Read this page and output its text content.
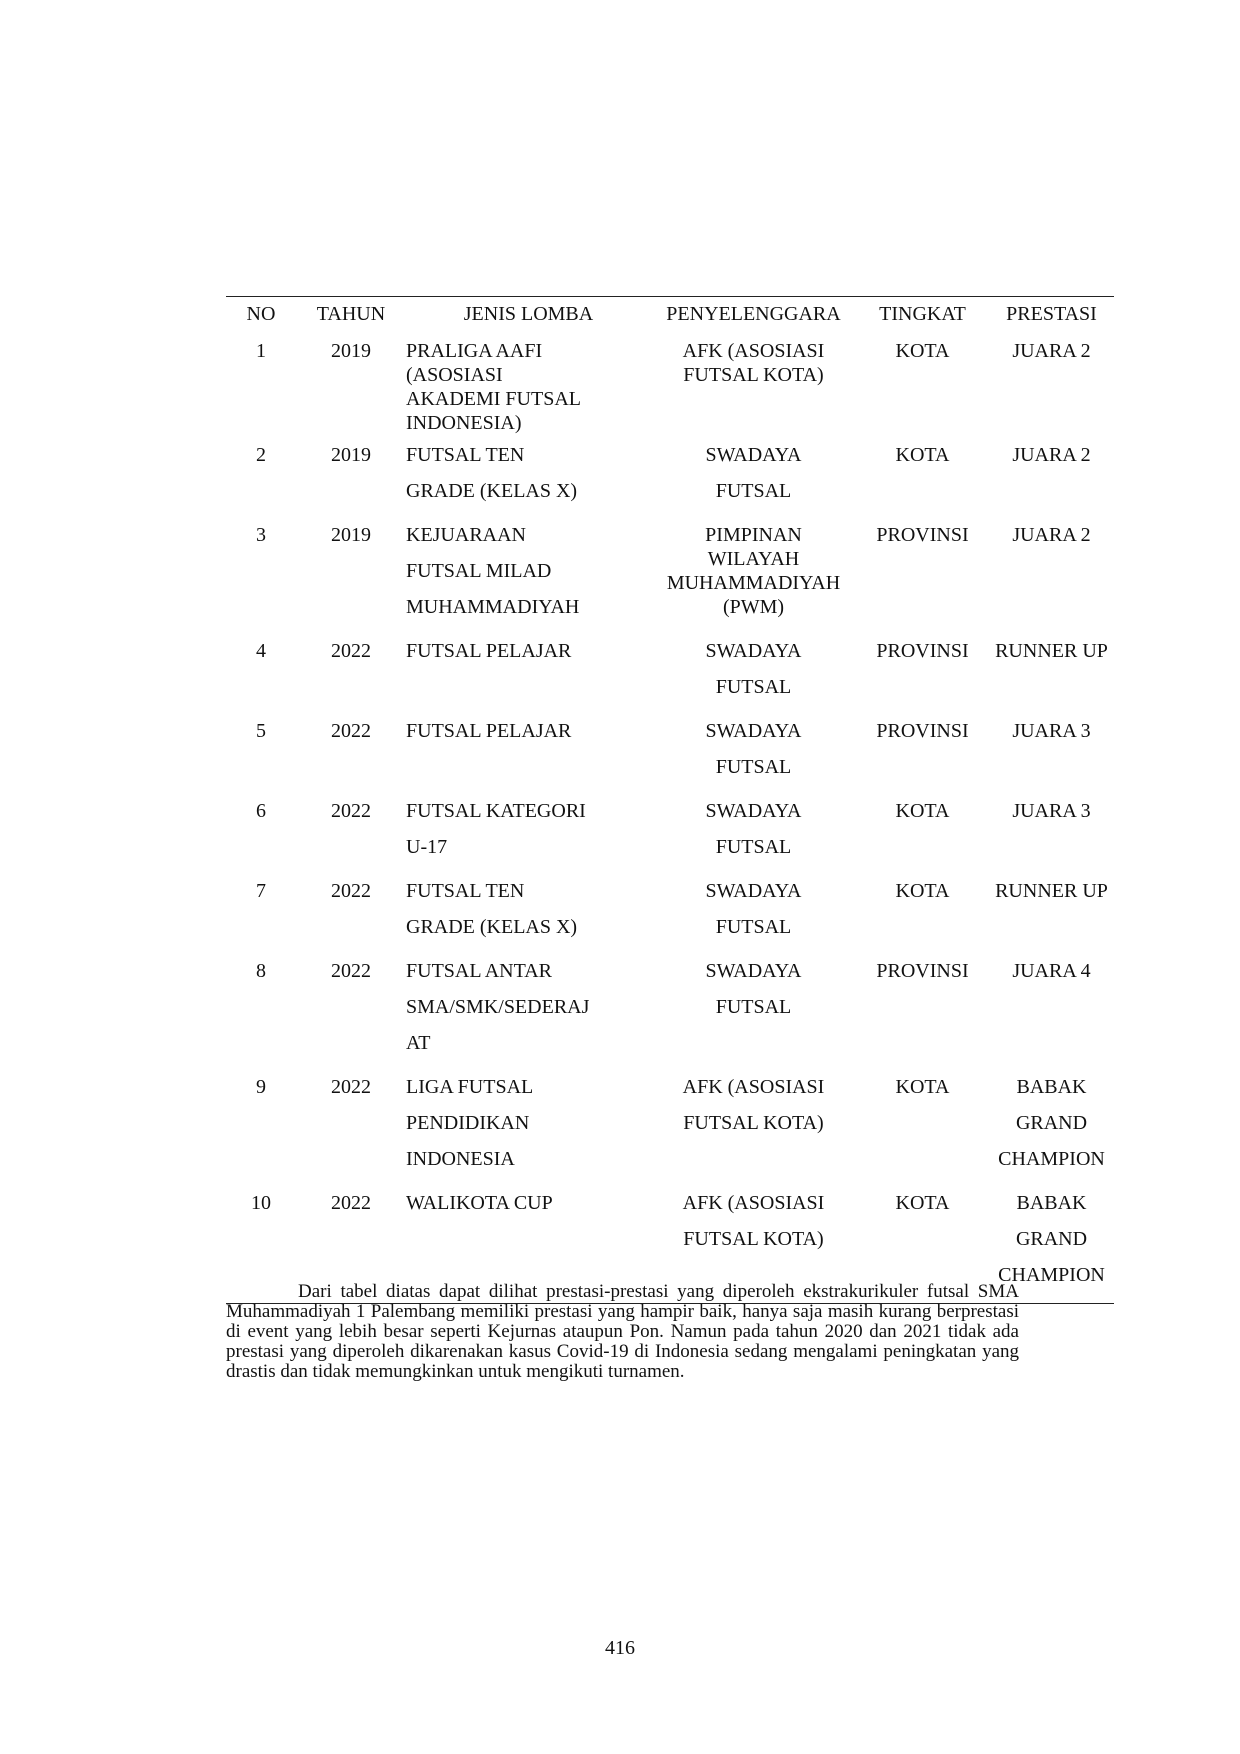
NO	TAHUN	JENIS LOMBA	PENYELENGGARA	TINGKAT	PRESTASI
1	2019	PRALIGA AAFI
(ASOSIASI
AKADEMI FUTSAL
INDONESIA)	AFK (ASOSIASI
FUTSAL KOTA)	KOTA	JUARA 2

2	2019	FUTSAL TEN
GRADE (KELAS X)	SWADAYA
FUTSAL	KOTA	JUARA 2

3	2019	KEJUARAAN
FUTSAL MILAD
MUHAMMADIYAH	PIMPINAN
WILAYAH
MUHAMMADIYAH
(PWM)	PROVINSI	JUARA 2

4	2022	FUTSAL PELAJAR	SWADAYA
FUTSAL	PROVINSI	RUNNER UP

5	2022	FUTSAL PELAJAR	SWADAYA
FUTSAL	PROVINSI	JUARA 3

6	2022	FUTSAL KATEGORI
U-17	SWADAYA
FUTSAL	KOTA	JUARA 3

7	2022	FUTSAL TEN
GRADE (KELAS X)	SWADAYA
FUTSAL	KOTA	RUNNER UP

8	2022	FUTSAL ANTAR
SMA/SMK/SEDERAJ
AT	SWADAYA
FUTSAL	PROVINSI	JUARA 4

9	2022	LIGA FUTSAL
PENDIDIKAN
INDONESIA	AFK (ASOSIASI
FUTSAL KOTA)	KOTA	BABAK
GRAND
CHAMPION

10	2022	WALIKOTA CUP	AFK (ASOSIASI
FUTSAL KOTA)	KOTA	BABAK
GRAND
CHAMPION

Dari tabel diatas dapat dilihat prestasi-prestasi yang diperoleh ekstrakurikuler futsal SMA Muhammadiyah 1 Palembang memiliki prestasi yang hampir baik, hanya saja masih kurang berprestasi di event yang lebih besar seperti Kejurnas ataupun Pon. Namun pada tahun 2020 dan 2021 tidak ada prestasi yang diperoleh dikarenakan kasus Covid-19 di Indonesia sedang mengalami peningkatan yang drastis dan tidak memungkinkan untuk mengikuti turnamen.

416
